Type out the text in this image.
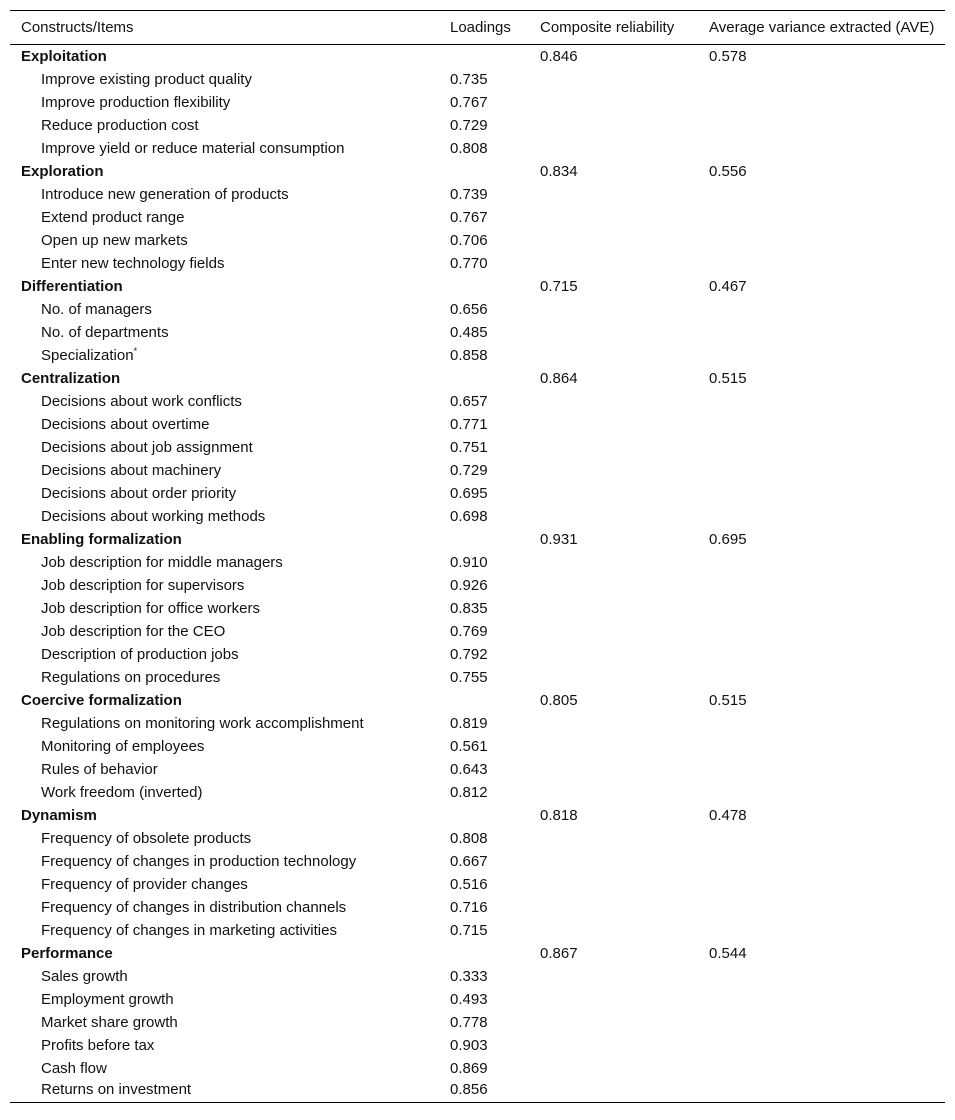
Constructs/Items	Loadings	Composite reliability	Average variance extracted (AVE)
Exploitation		0.846	0.578
Improve existing product quality	0.735		
Improve production flexibility	0.767		
Reduce production cost	0.729		
Improve yield or reduce material consumption	0.808		
Exploration		0.834	0.556
Introduce new generation of products	0.739		
Extend product range	0.767		
Open up new markets	0.706		
Enter new technology fields	0.770		
Differentiation		0.715	0.467
No. of managers	0.656		
No. of departments	0.485		
Specialization*	0.858		
Centralization		0.864	0.515
Decisions about work conflicts	0.657		
Decisions about overtime	0.771		
Decisions about job assignment	0.751		
Decisions about machinery	0.729		
Decisions about order priority	0.695		
Decisions about working methods	0.698		
Enabling formalization		0.931	0.695
Job description for middle managers	0.910		
Job description for supervisors	0.926		
Job description for office workers	0.835		
Job description for the CEO	0.769		
Description of production jobs	0.792		
Regulations on procedures	0.755		
Coercive formalization		0.805	0.515
Regulations on monitoring work accomplishment	0.819		
Monitoring of employees	0.561		
Rules of behavior	0.643		
Work freedom (inverted)	0.812		
Dynamism		0.818	0.478
Frequency of obsolete products	0.808		
Frequency of changes in production technology	0.667		
Frequency of provider changes	0.516		
Frequency of changes in distribution channels	0.716		
Frequency of changes in marketing activities	0.715		
Performance		0.867	0.544
Sales growth	0.333		
Employment growth	0.493		
Market share growth	0.778		
Profits before tax	0.903		
Cash flow	0.869		
Returns on investment	0.856		
